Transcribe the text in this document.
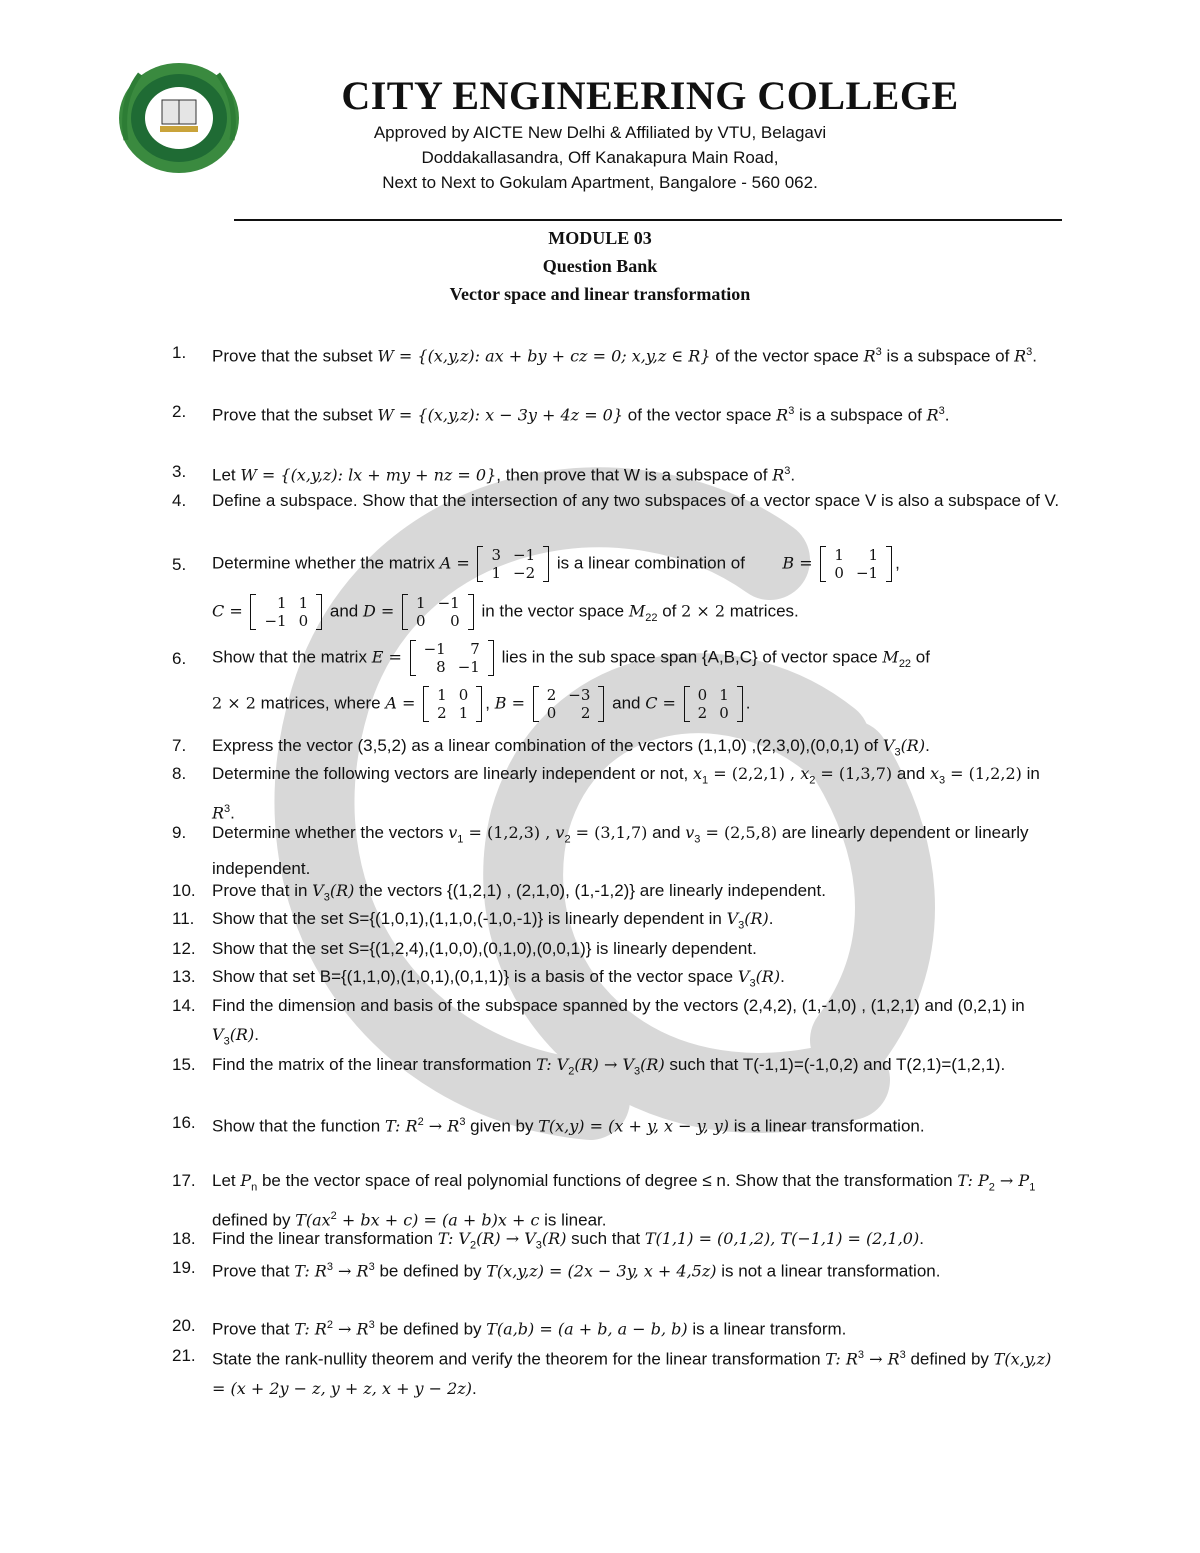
CITY ENGINEERING COLLEGE
Approved by AICTE New Delhi & Affiliated by VTU, Belagavi
Doddakallasandra, Off Kanakapura Main Road,
Next to Next to Gokulam Apartment, Bangalore - 560 062.
MODULE 03
Question Bank
Vector space and linear transformation
1.	Prove that the subset W = {(x,y,z): ax + by + cz = 0; x,y,z ∈ R} of the vector space $R^3$ is a subspace of $R^3$.
2.	Prove that the subset W = {(x,y,z): x − 3y + 4z = 0} of the vector space $R^3$ is a subspace of $R^3$.
3.	Let W = {(x,y,z): lx + my + nz = 0}, then prove that W is a subspace of $R^3$.
4.	Define a subspace. Show that the intersection of any two subspaces of a vector space V is also a subspace of V.
5.	Determine whether the matrix A = 3	−1
1	−2
is a linear combination of  B = 1	1
0	−1
,
C = 1	1
−1	0
and D = 1	−1
0	0
in the vector space $M_{22}$ of 2 × 2 matrices.
6.	Show that the matrix E = −1	7
8	−1
lies in the sub space span {A,B,C} of vector space $M_{22}$ of
2 × 2 matrices, where A = 1	0
2	1
, B = 2	−3
0	2
and C = 0	1
2	0
.
7.	Express the vector (3,5,2) as a linear combination of the vectors (1,1,0) ,(2,3,0),(0,0,1) of $V_3(R)$.
8.	Determine the following vectors are linearly independent or not, $x_1 = (2,2,1)$ , $x_2 = (1,3,7)$ and $x_3 = (1,2,2)$ in $R^3$.
9.	Determine whether the vectors $v_1 = (1,2,3)$ , $v_2 = (3,1,7)$ and $v_3 = (2,5,8)$ are linearly dependent or linearly independent.
10. Prove that in $V_3(R)$ the vectors {(1,2,1) , (2,1,0), (1,-1,2)} are linearly independent.
11.	Show that the set S={(1,0,1),(1,1,0,(-1,0,-1)} is linearly dependent in $V_3(R)$.
12. Show that the set S={(1,2,4),(1,0,0),(0,1,0),(0,0,1)} is linearly dependent.
13. Show that set B={(1,1,0),(1,0,1),(0,1,1)} is a basis of the vector space $V_3(R)$.
14. Find the dimension and basis of the subspace spanned by the vectors (2,4,2), (1,-1,0) , (1,2,1) and (0,2,1) in $V_3(R)$.
15. Find the matrix of the linear transformation T: $V_2(R) \to V_3(R)$ such that T(-1,1)=(-1,0,2) and T(2,1)=(1,2,1).
16. Show that the function T: $R^2 \to R^3$ given by T(x,y) = (x + y, x − y, y) is a linear transformation.
17. Let $P_n$ be the vector space of real polynomial functions of degree ≤ n. Show that the transformation T: $P_2 \to P_1$ defined by $T(ax^2$ + bx + c) = (a + b)x + c is linear.
18. Find the linear transformation T: $V_2(R) \to V_3(R)$ such that T(1,1) = (0,1,2), T(−1,1) = (2,1,0).
19. Prove that T: $R^3 \to R^3$ be defined by T(x,y,z) = (2x − 3y, x + 4,5z) is not a linear transformation.
20. Prove that T: $R^2 \to R^3$ be defined by T(a,b) = (a + b, a − b, b) is a linear transform.
21. State the rank-nullity theorem and verify the theorem for the linear transformation T: $R^3 \to R^3$ defined by T(x,y,z) = (x + 2y − z, y + z, x + y − 2z).
